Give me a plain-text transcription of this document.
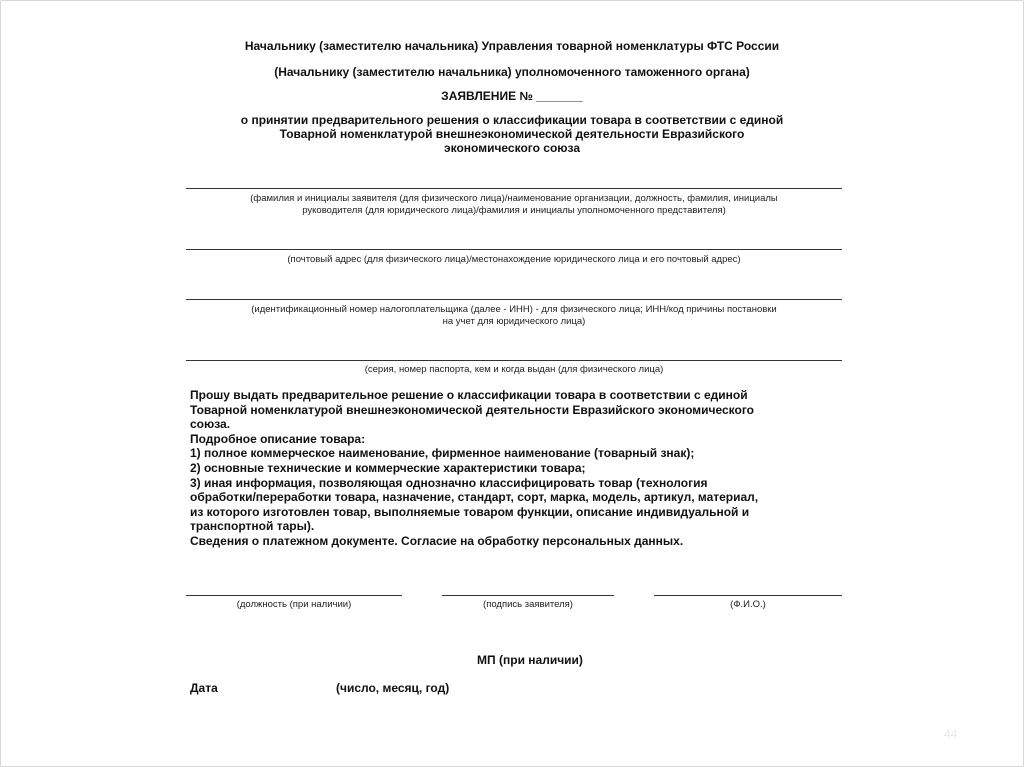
Начальнику (заместителю начальника) Управления товарной номенклатуры ФТС России
(Начальнику (заместителю начальника) уполномоченного таможенного органа)
ЗАЯВЛЕНИЕ № _______
о принятии предварительного решения о классификации товара в соответствии с единой
Товарной номенклатурой внешнеэкономической деятельности Евразийского
экономического союза
(фамилия и инициалы заявителя (для физического лица)/наименование организации, должность, фамилия, инициалы
руководителя (для юридического лица)/фамилия и инициалы уполномоченного представителя)
(почтовый адрес (для физического лица)/местонахождение юридического лица и его почтовый адрес)
(идентификационный номер налогоплательщика (далее - ИНН) - для физического лица; ИНН/код причины постановки
на учет для юридического лица)
(серия, номер паспорта, кем и когда выдан (для физического лица)
Прошу выдать предварительное решение о классификации товара в соответствии с единой
Товарной номенклатурой внешнеэкономической деятельности Евразийского экономического
союза.
Подробное описание товара:
1) полное коммерческое наименование, фирменное наименование (товарный знак);
2) основные технические и коммерческие характеристики товара;
3) иная информация, позволяющая однозначно классифицировать товар (технология
обработки/переработки товара, назначение, стандарт, сорт, марка, модель, артикул, материал,
из которого изготовлен товар, выполняемые товаром функции, описание индивидуальной и
транспортной тары).
Сведения о платежном документе. Согласие на обработку персональных данных.
(должность (при наличии)	(подпись заявителя)	(Ф.И.О.)
МП (при наличии)
Дата	(число, месяц, год)
44
